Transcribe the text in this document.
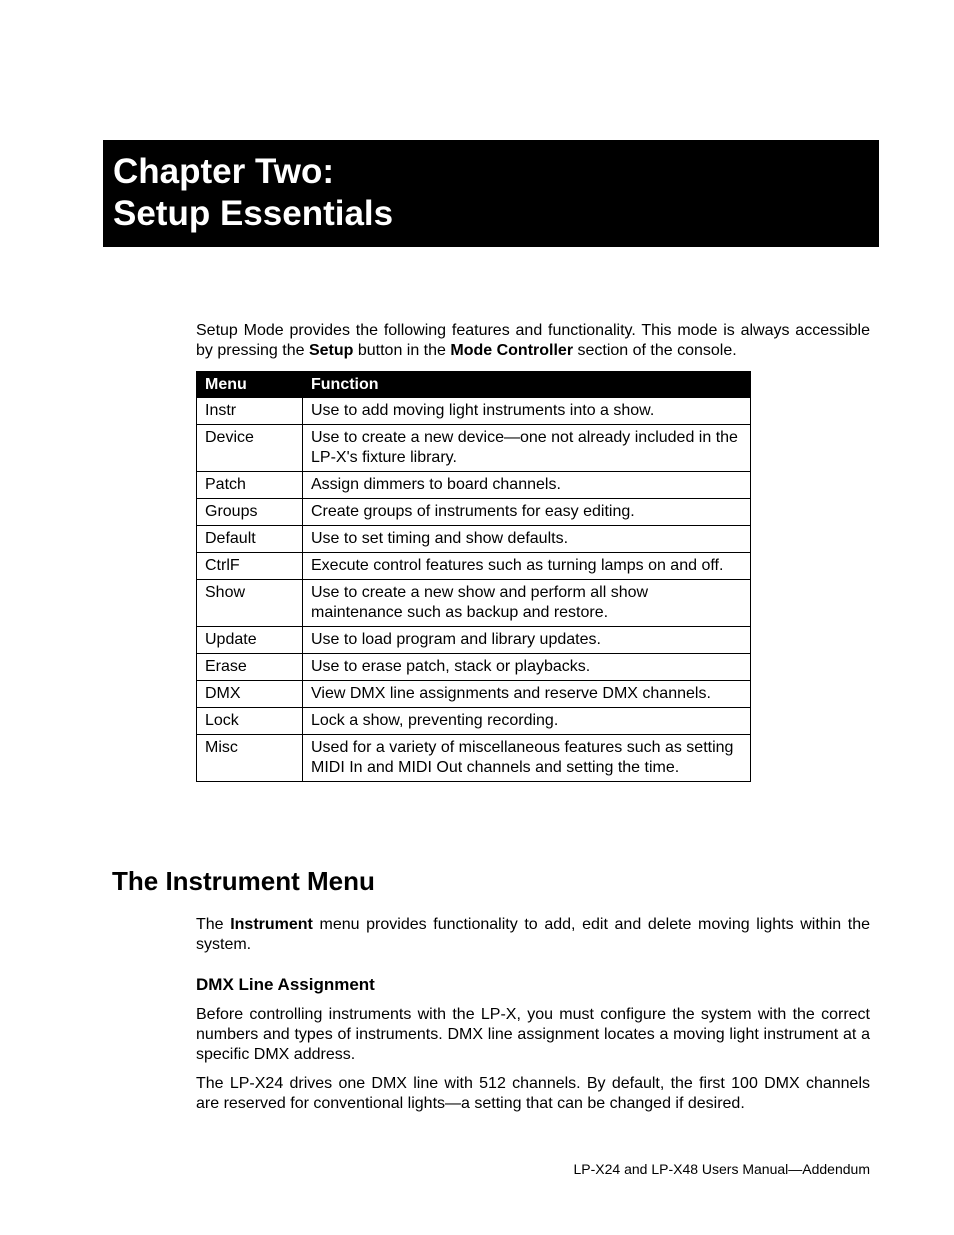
Chapter Two:
Setup Essentials

Setup Mode provides the following features and functionality. This mode is always accessible by pressing the Setup button in the Mode Controller section of the console.

Menu	Function
Instr	Use to add moving light instruments into a show.
Device	Use to create a new device—one not already included in the LP-X's fixture library.
Patch	Assign dimmers to board channels.
Groups	Create groups of instruments for easy editing.
Default	Use to set timing and show defaults.
CtrlF	Execute control features such as turning lamps on and off.
Show	Use to create a new show and perform all show maintenance such as backup and restore.
Update	Use to load program and library updates.
Erase	Use to erase patch, stack or playbacks.
DMX	View DMX line assignments and reserve DMX channels.
Lock	Lock a show, preventing recording.
Misc	Used for a variety of miscellaneous features such as setting MIDI In and MIDI Out channels and setting the time.
The Instrument Menu

The Instrument menu provides functionality to add, edit and delete moving lights within the system.

DMX Line Assignment

Before controlling instruments with the LP-X, you must configure the system with the correct numbers and types of instruments. DMX line assignment locates a moving light instrument at a specific DMX address.

The LP-X24 drives one DMX line with 512 channels. By default, the first 100 DMX channels are reserved for conventional lights—a setting that can be changed if desired.

LP-X24 and LP-X48 Users Manual—Addendum
